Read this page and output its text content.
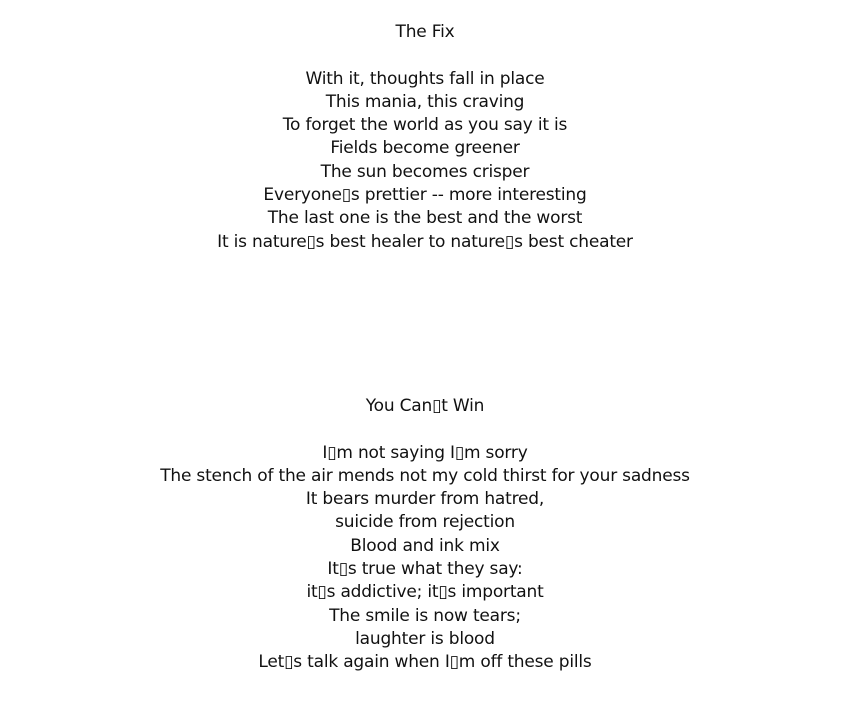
The Fix
With it, thoughts fall in place
This mania, this craving
To forget the world as you say it is
Fields become greener
The sun becomes crisper
Everyone▯s prettier -- more interesting
The last one is the best and the worst
It is nature▯s best healer to nature▯s best cheater
You Can▯t Win
I▯m not saying I▯m sorry
The stench of the air mends not my cold thirst for your sadness
It bears murder from hatred,
suicide from rejection
Blood and ink mix
It▯s true what they say:
it▯s addictive; it▯s important
The smile is now tears;
laughter is blood
Let▯s talk again when I▯m off these pills
